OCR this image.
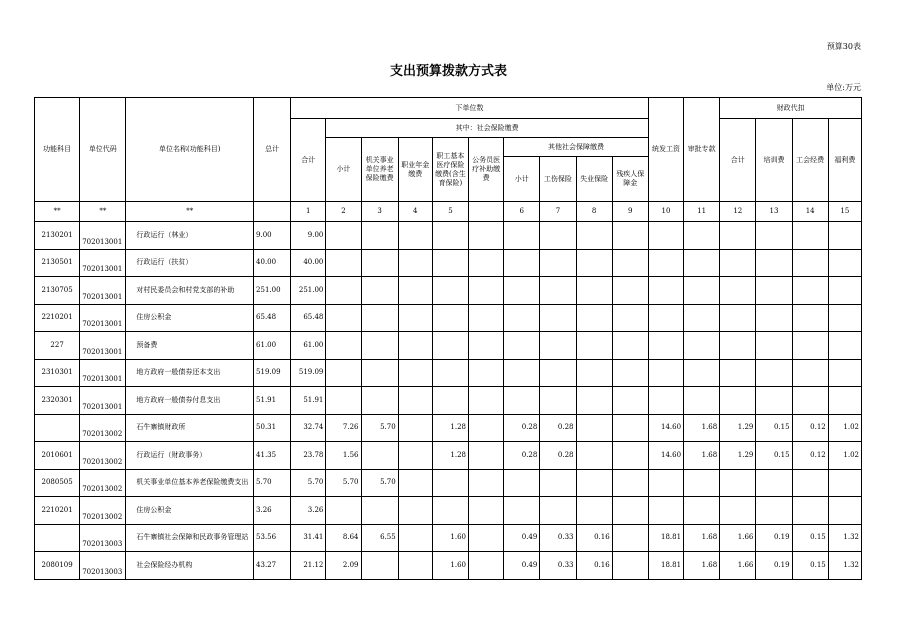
预算30表
支出预算拨款方式表
单位:万元
功能科目	单位代码	单位名称(功能科目)	总计	下单位数										统发工资	审批专款	财政代扣			
				合计	其中：社会保险缴费											合计	培训费	工会经费	福利费
					小计	机关事业单位养老保险缴费	职业年金缴费	职工基本医疗保险缴费(含生育保险)	公务员医疗补助缴费	其他社会保障缴费									
										小计	工伤保险	失业保险	残疾人保障金						

**	**	**		1	2	3	4	5		6	7	8	9	10	11	12	13	14	15
2130201	702013001	行政运行（林业）	9.00	9.00															
2130501	702013001	行政运行（扶贫）	40.00	40.00															
2130705	702013001	对村民委员会和村党支部的补助	251.00	251.00															
2210201	702013001	住房公积金	65.48	65.48															
227	702013001	预备费	61.00	61.00															
2310301	702013001	地方政府一般债券还本支出	519.09	519.09															
2320301	702013001	地方政府一般债券付息支出	51.91	51.91															
	702013002	石牛寨镇财政所	50.31	32.74	7.26	5.70		1.28		0.28	0.28			14.60	1.68	1.29	0.15	0.12	1.02
2010601	702013002	行政运行（财政事务）	41.35	23.78	1.56			1.28		0.28	0.28			14.60	1.68	1.29	0.15	0.12	1.02
2080505	702013002	机关事业单位基本养老保险缴费支出	5.70	5.70	5.70	5.70													
2210201	702013002	住房公积金	3.26	3.26															
	702013003	石牛寨镇社会保障和民政事务管理站	53.56	31.41	8.64	6.55		1.60		0.49	0.33	0.16		18.81	1.68	1.66	0.19	0.15	1.32
2080109	702013003	社会保险经办机构	43.27	21.12	2.09			1.60		0.49	0.33	0.16		18.81	1.68	1.66	0.19	0.15	1.32
